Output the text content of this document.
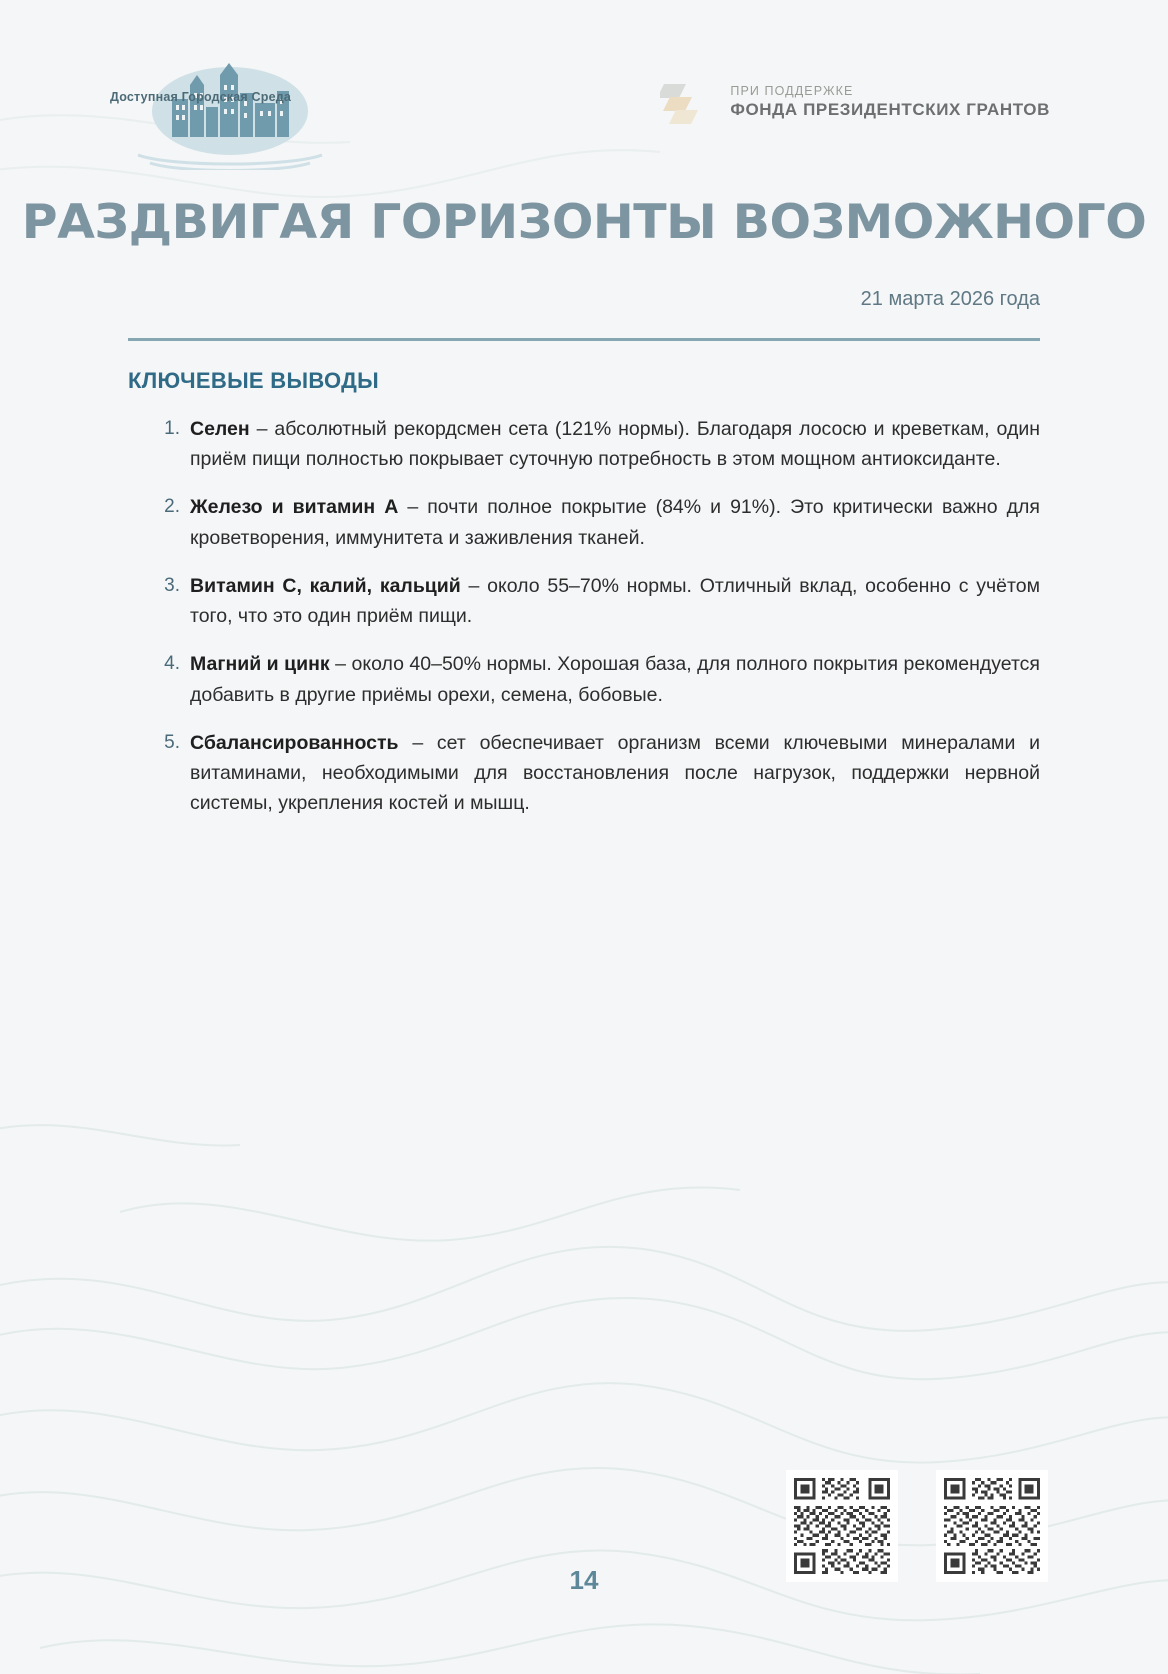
Доступная Городская Среда	ПРИ ПОДДЕРЖКЕ
ФОНДА ПРЕЗИДЕНТСКИХ ГРАНТОВ
РАЗДВИГАЯ ГОРИЗОНТЫ ВОЗМОЖНОГО
21 марта 2026 года
КЛЮЧЕВЫЕ ВЫВОДЫ
Селен – абсолютный рекордсмен сета (121% нормы). Благодаря лососю и креветкам, один приём пищи полностью покрывает суточную потребность в этом мощном антиоксиданте.
Железо и витамин А – почти полное покрытие (84% и 91%). Это критически важно для кроветворения, иммунитета и заживления тканей.
Витамин C, калий, кальций – около 55–70% нормы. Отличный вклад, особенно с учётом того, что это один приём пищи.
Магний и цинк – около 40–50% нормы. Хорошая база, для полного покрытия рекомендуется добавить в другие приёмы орехи, семена, бобовые.
Сбалансированность – сет обеспечивает организм всеми ключевыми минералами и витаминами, необходимыми для восстановления после нагрузок, поддержки нервной системы, укрепления костей и мышц.
14
